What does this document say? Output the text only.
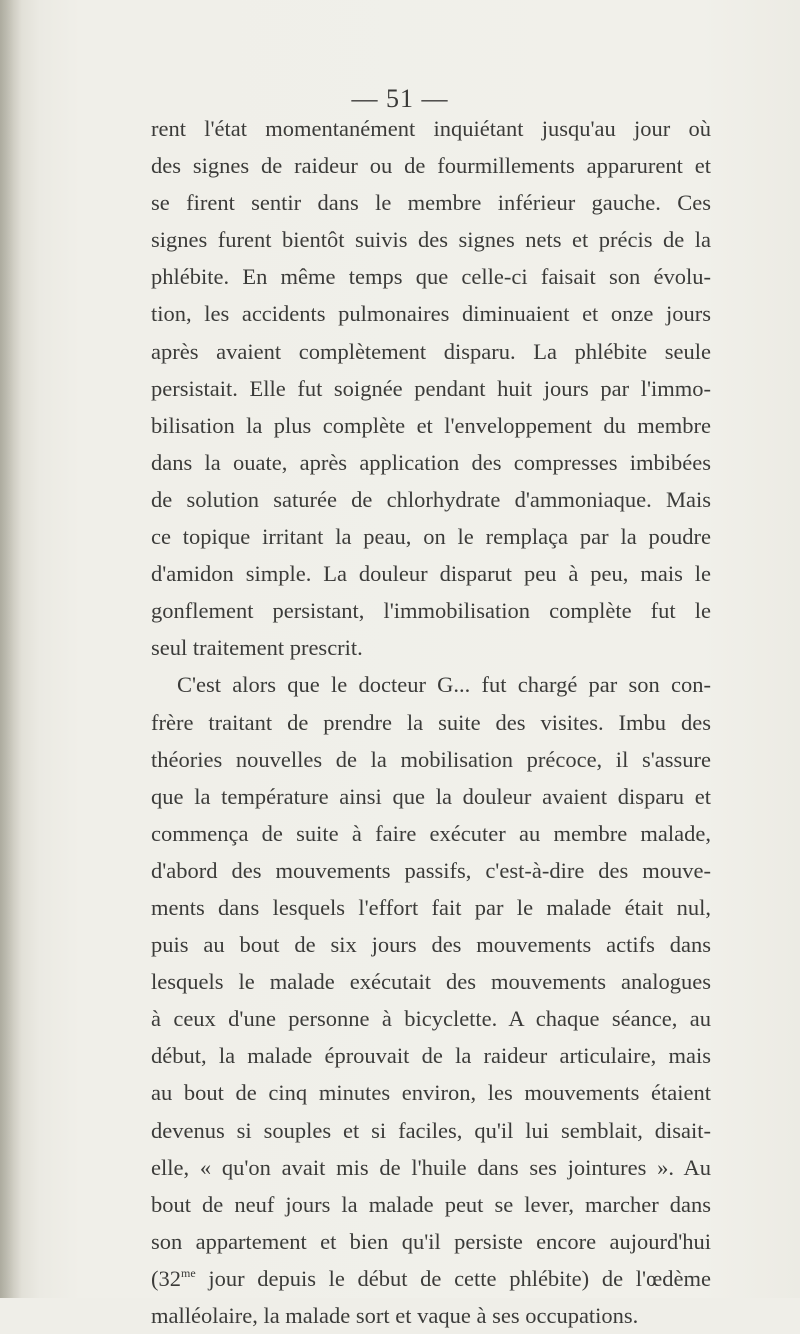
— 51 —
rent l'état momentanément inquiétant jusqu'au jour où
des signes de raideur ou de fourmillements apparurent et
se firent sentir dans le membre inférieur gauche. Ces
signes furent bientôt suivis des signes nets et précis de la
phlébite. En même temps que celle-ci faisait son évolu-
tion, les accidents pulmonaires diminuaient et onze jours
après avaient complètement disparu. La phlébite seule
persistait. Elle fut soignée pendant huit jours par l'immo-
bilisation la plus complète et l'enveloppement du membre
dans la ouate, après application des compresses imbibées
de solution saturée de chlorhydrate d'ammoniaque. Mais
ce topique irritant la peau, on le remplaça par la poudre
d'amidon simple. La douleur disparut peu à peu, mais le
gonflement persistant, l'immobilisation complète fut le
seul traitement prescrit.
C'est alors que le docteur G... fut chargé par son con-
frère traitant de prendre la suite des visites. Imbu des
théories nouvelles de la mobilisation précoce, il s'assure
que la température ainsi que la douleur avaient disparu et
commença de suite à faire exécuter au membre malade,
d'abord des mouvements passifs, c'est-à-dire des mouve-
ments dans lesquels l'effort fait par le malade était nul,
puis au bout de six jours des mouvements actifs dans
lesquels le malade exécutait des mouvements analogues
à ceux d'une personne à bicyclette. A chaque séance, au
début, la malade éprouvait de la raideur articulaire, mais
au bout de cinq minutes environ, les mouvements étaient
devenus si souples et si faciles, qu'il lui semblait, disait-
elle, « qu'on avait mis de l'huile dans ses jointures ». Au
bout de neuf jours la malade peut se lever, marcher dans
son appartement et bien qu'il persiste encore aujourd'hui
($32^{me}$ jour depuis le début de cette phlébite) de l'œdème
malléolaire, la malade sort et vaque à ses occupations.
